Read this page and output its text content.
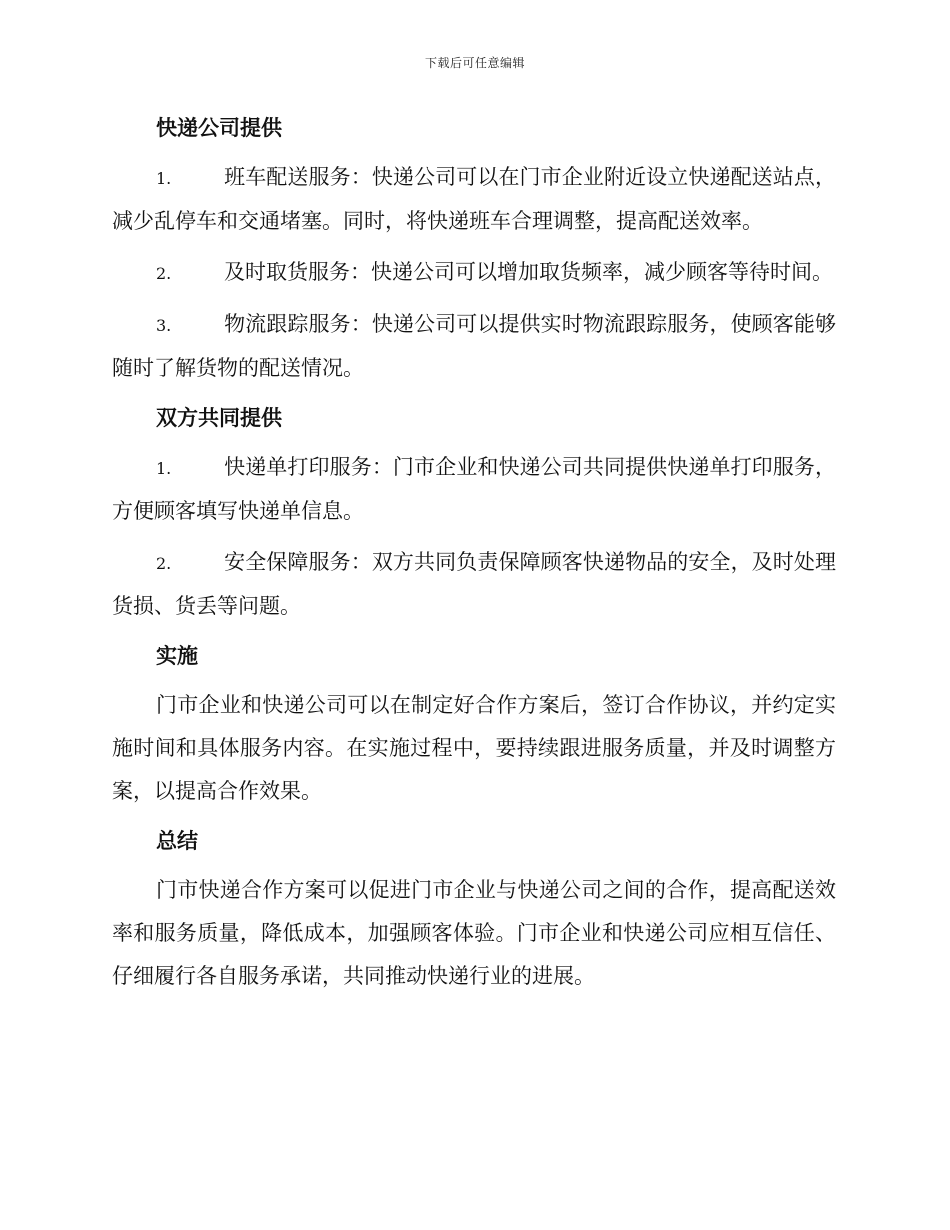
下载后可任意编辑
快递公司提供
1.	班车配送服务：快递公司可以在门市企业附近设立快递配送站点，减少乱停车和交通堵塞。同时，将快递班车合理调整，提高配送效率。
2.	及时取货服务：快递公司可以增加取货频率，减少顾客等待时间。
3.	物流跟踪服务：快递公司可以提供实时物流跟踪服务，使顾客能够随时了解货物的配送情况。
双方共同提供
1.	快递单打印服务：门市企业和快递公司共同提供快递单打印服务，方便顾客填写快递单信息。
2.	安全保障服务：双方共同负责保障顾客快递物品的安全，及时处理货损、货丢等问题。
实施

门市企业和快递公司可以在制定好合作方案后，签订合作协议，并约定实施时间和具体服务内容。在实施过程中，要持续跟进服务质量，并及时调整方案，以提高合作效果。

总结

门市快递合作方案可以促进门市企业与快递公司之间的合作，提高配送效率和服务质量，降低成本，加强顾客体验。门市企业和快递公司应相互信任、仔细履行各自服务承诺，共同推动快递行业的进展。
